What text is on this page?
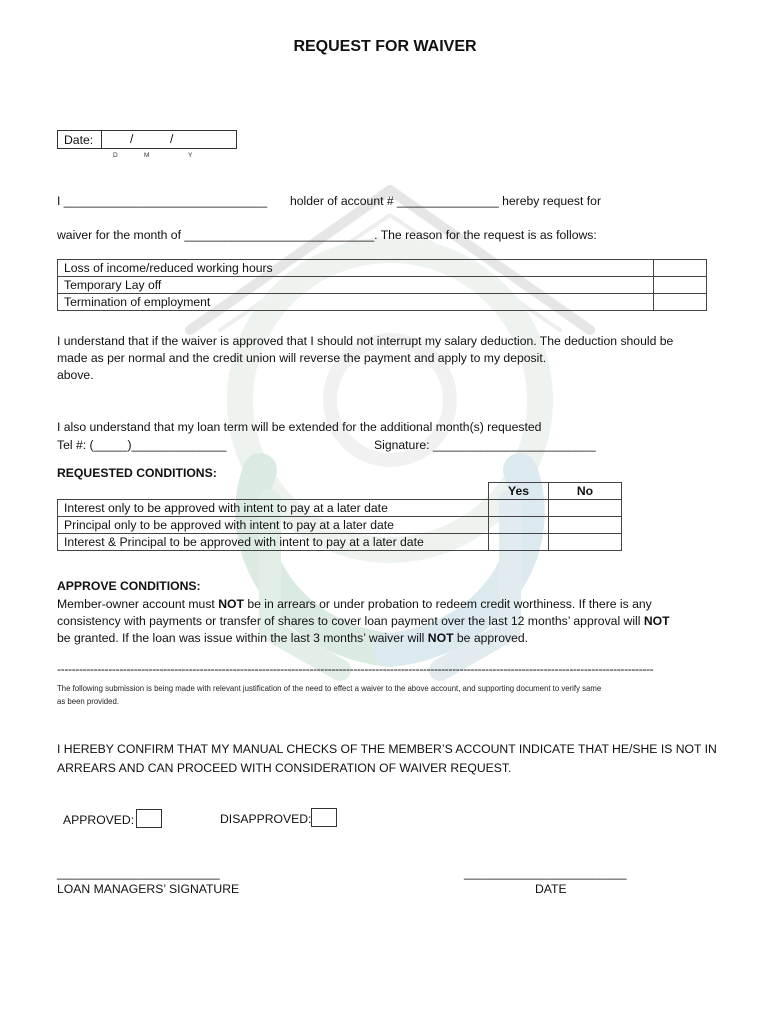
REQUEST FOR WAIVER
Date:	/	/
D	M	Y
I ______________________________ holder of account # _______________ hereby request for
waiver for the month of ____________________________. The reason for the request is as follows:
Loss of income/reduced working hours	
Temporary Lay off	
Termination of employment	
I understand that if the waiver is approved that I should not interrupt my salary deduction. The deduction should be
made as per normal and the credit union will reverse the payment and apply to my deposit.
above.
I also understand that my loan term will be extended for the additional month(s) requested
Tel #: (_____)______________	Signature: ________________________
REQUESTED CONDITIONS:
	Yes	No
Interest only to be approved with intent to pay at a later date		
Principal only to be approved with intent to pay at a later date		
Interest & Principal to be approved with intent to pay at a later date		
APPROVE CONDITIONS:
Member-owner account must NOT be in arrears or under probation to redeem credit worthiness. If there is any
consistency with payments or transfer of shares to cover loan payment over the last 12 months’ approval will NOT
be granted. If the loan was issue within the last 3 months’ waiver will NOT be approved.
-------------------------------------------------------------------------------------------------------------------------------------------------------------------
The following submission is being made with relevant justification of the need to effect a waiver to the above account, and supporting document to verify same
as been provided.
I HEREBY CONFIRM THAT MY MANUAL CHECKS OF THE MEMBER’S ACCOUNT INDICATE THAT HE/SHE IS NOT IN
ARREARS AND CAN PROCEED WITH CONSIDERATION OF WAIVER REQUEST.
APPROVED:	DISAPPROVED:
________________________
LOAN MANAGERS’ SIGNATURE
________________________
DATE
